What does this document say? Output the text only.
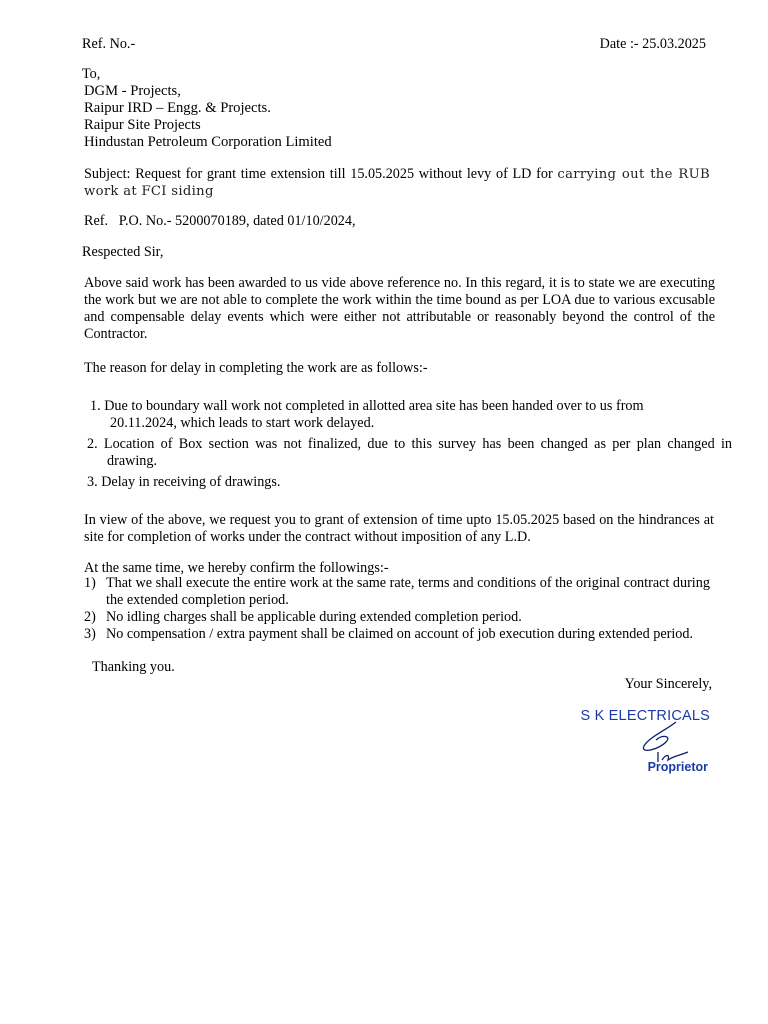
Ref. No.-	Date :- 25.03.2025
To,
DGM - Projects,
Raipur IRD – Engg. & Projects.
Raipur Site Projects
Hindustan Petroleum Corporation Limited
Subject: Request for grant time extension till 15.05.2025 without levy of LD for carrying out the RUB work at FCI siding
Ref. P.O. No.- 5200070189, dated 01/10/2024,
Respected Sir,
Above said work has been awarded to us vide above reference no. In this regard, it is to state we are executing the work but we are not able to complete the work within the time bound as per LOA due to various excusable and compensable delay events which were either not attributable or reasonably beyond the control of the Contractor.
The reason for delay in completing the work are as follows:-
1. Due to boundary wall work not completed in allotted area site has been handed over to us from 20.11.2024, which leads to start work delayed.
2. Location of Box section was not finalized, due to this survey has been changed as per plan changed in drawing.
3. Delay in receiving of drawings.
In view of the above, we request you to grant of extension of time upto 15.05.2025 based on the hindrances at site for completion of works under the contract without imposition of any L.D.
At the same time, we hereby confirm the followings:-
1) That we shall execute the entire work at the same rate, terms and conditions of the original contract during the extended completion period.
2) No idling charges shall be applicable during extended completion period.
3) No compensation / extra payment shall be claimed on account of job execution during extended period.
Thanking you.
Your Sincerely,
S K ELECTRICALS
Proprietor
